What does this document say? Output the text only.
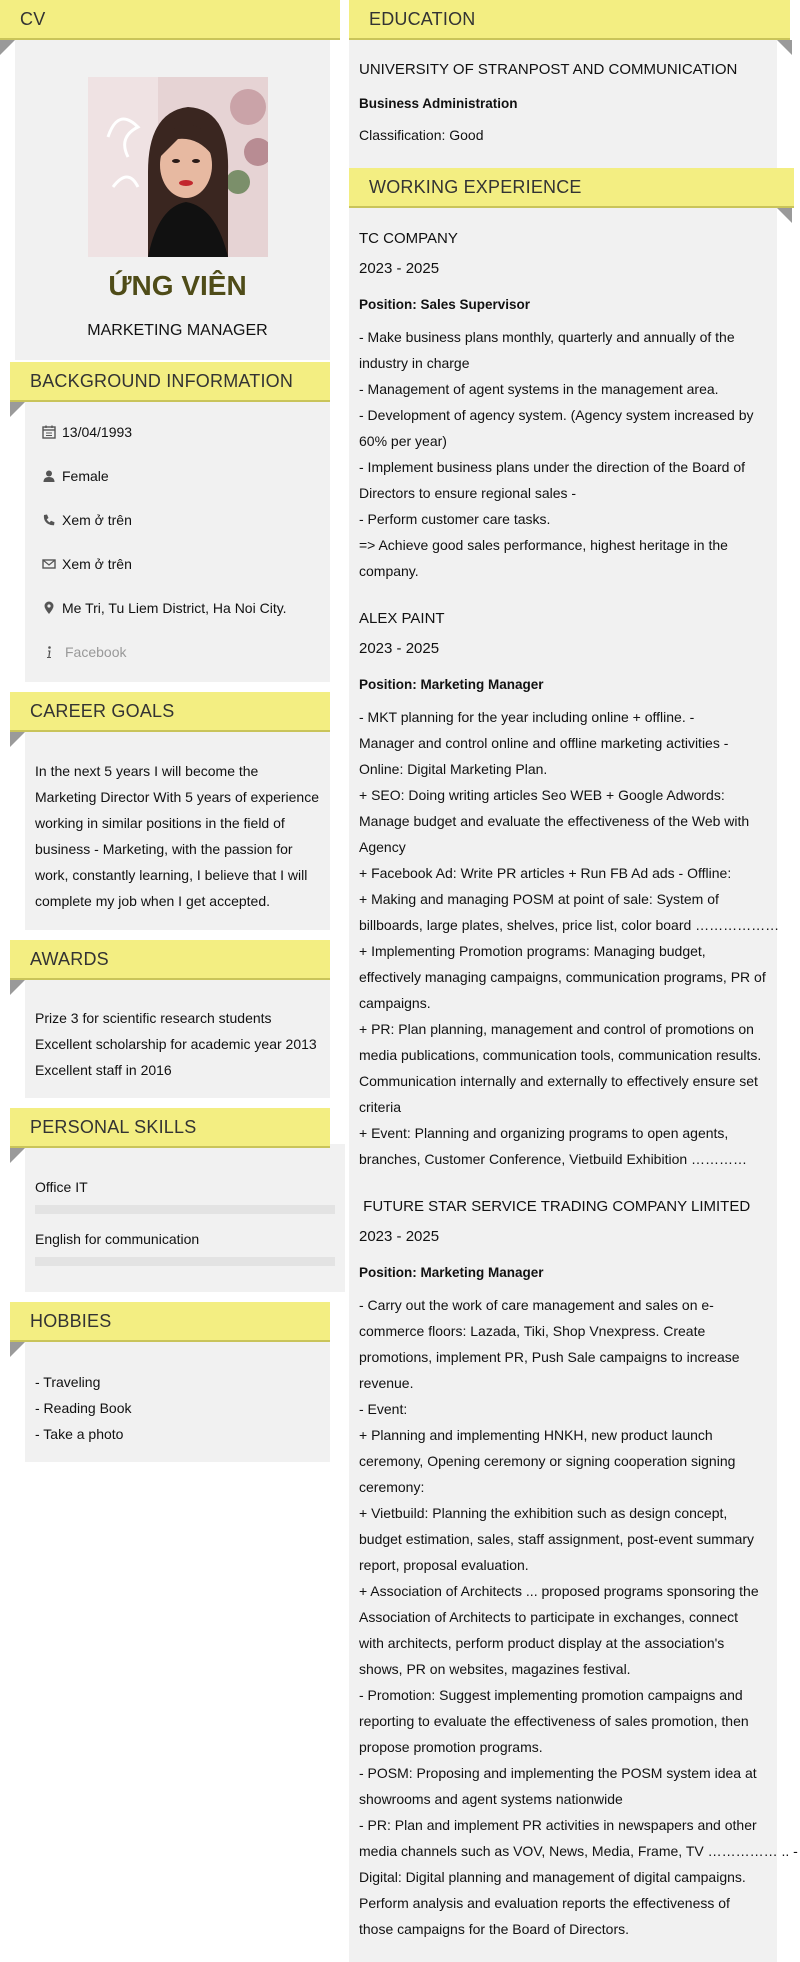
CV
ỨNG VIÊN
MARKETING MANAGER
BACKGROUND INFORMATION
13/04/1993
Female
Xem ở trên
Xem ở trên
Me Tri, Tu Liem District, Ha Noi City.
Facebook
CAREER GOALS
In the next 5 years I will become the
Marketing Director With 5 years of experience
working in similar positions in the field of
business - Marketing, with the passion for
work, constantly learning, I believe that I will
complete my job when I get accepted.
AWARDS
Prize 3 for scientific research students
Excellent scholarship for academic year 2013
Excellent staff in 2016
PERSONAL SKILLS
Office IT
English for communication
HOBBIES
- Traveling
- Reading Book
- Take a photo
EDUCATION
UNIVERSITY OF STRANPOST AND COMMUNICATION
Business Administration
Classification: Good
WORKING EXPERIENCE
TC COMPANY
2023 - 2025
Position: Sales Supervisor
- Make business plans monthly, quarterly and annually of the
industry in charge
- Management of agent systems in the management area.
- Development of agency system. (Agency system increased by
60% per year)
- Implement business plans under the direction of the Board of
Directors to ensure regional sales -
- Perform customer care tasks.
=> Achieve good sales performance, highest heritage in the
company.
ALEX PAINT
2023 - 2025
Position: Marketing Manager
- MKT planning for the year including online + offline. -
Manager and control online and offline marketing activities -
Online: Digital Marketing Plan.
+ SEO: Doing writing articles Seo WEB + Google Adwords:
Manage budget and evaluate the effectiveness of the Web with
Agency
+ Facebook Ad: Write PR articles + Run FB Ad ads - Offline:
+ Making and managing POSM at point of sale: System of
billboards, large plates, shelves, price list, color board ………………
+ Implementing Promotion programs: Managing budget,
effectively managing campaigns, communication programs, PR of
campaigns.
+ PR: Plan planning, management and control of promotions on
media publications, communication tools, communication results.
Communication internally and externally to effectively ensure set
criteria
+ Event: Planning and organizing programs to open agents,
branches, Customer Conference, Vietbuild Exhibition …………
FUTURE STAR SERVICE TRADING COMPANY LIMITED
2023 - 2025
Position: Marketing Manager
- Carry out the work of care management and sales on e-
commerce floors: Lazada, Tiki, Shop Vnexpress. Create
promotions, implement PR, Push Sale campaigns to increase
revenue.
- Event:
+ Planning and implementing HNKH, new product launch
ceremony, Opening ceremony or signing cooperation signing
ceremony:
+ Vietbuild: Planning the exhibition such as design concept,
budget estimation, sales, staff assignment, post-event summary
report, proposal evaluation.
+ Association of Architects ... proposed programs sponsoring the
Association of Architects to participate in exchanges, connect
with architects, perform product display at the association's
shows, PR on websites, magazines festival.
- Promotion: Suggest implementing promotion campaigns and
reporting to evaluate the effectiveness of sales promotion, then
propose promotion programs.
- POSM: Proposing and implementing the POSM system idea at
showrooms and agent systems nationwide
- PR: Plan and implement PR activities in newspapers and other
media channels such as VOV, News, Media, Frame, TV …………… .. -
Digital: Digital planning and management of digital campaigns.
Perform analysis and evaluation reports the effectiveness of
those campaigns for the Board of Directors.
